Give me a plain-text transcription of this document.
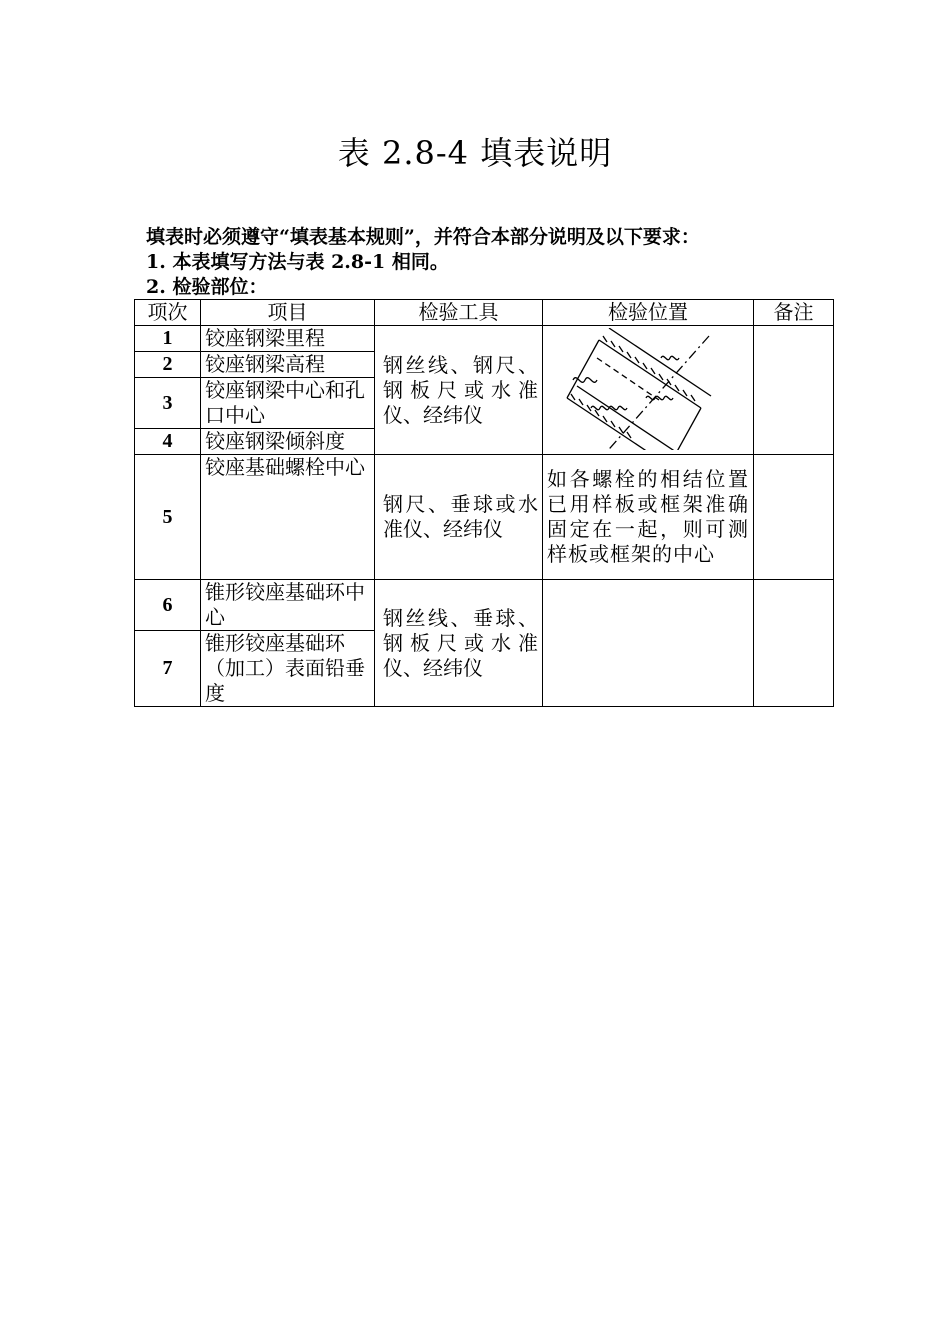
表 2.8-4 填表说明
填表时必须遵守“填表基本规则”，并符合本部分说明及以下要求：
1. 本表填写方法与表 2.8-1 相同。
2. 检验部位：
项次	项目	检验工具	检验位置	备注
1	铰座钢梁里程	钢丝线、钢尺、钢板尺或水准仪、经纬仪	

2	铰座钢梁高程			
3	铰座钢梁中心和孔口中心			
4	铰座钢梁倾斜度			
5	铰座基础螺栓中心	钢尺、垂球或水准仪、经纬仪	如各螺栓的相结位置已用样板或框架准确固定在一起，则可测样板或框架的中心	
6	锥形铰座基础环中心	钢丝线、垂球、钢板尺或水准仪、经纬仪		
7	锥形铰座基础环（加工）表面铅垂度			
